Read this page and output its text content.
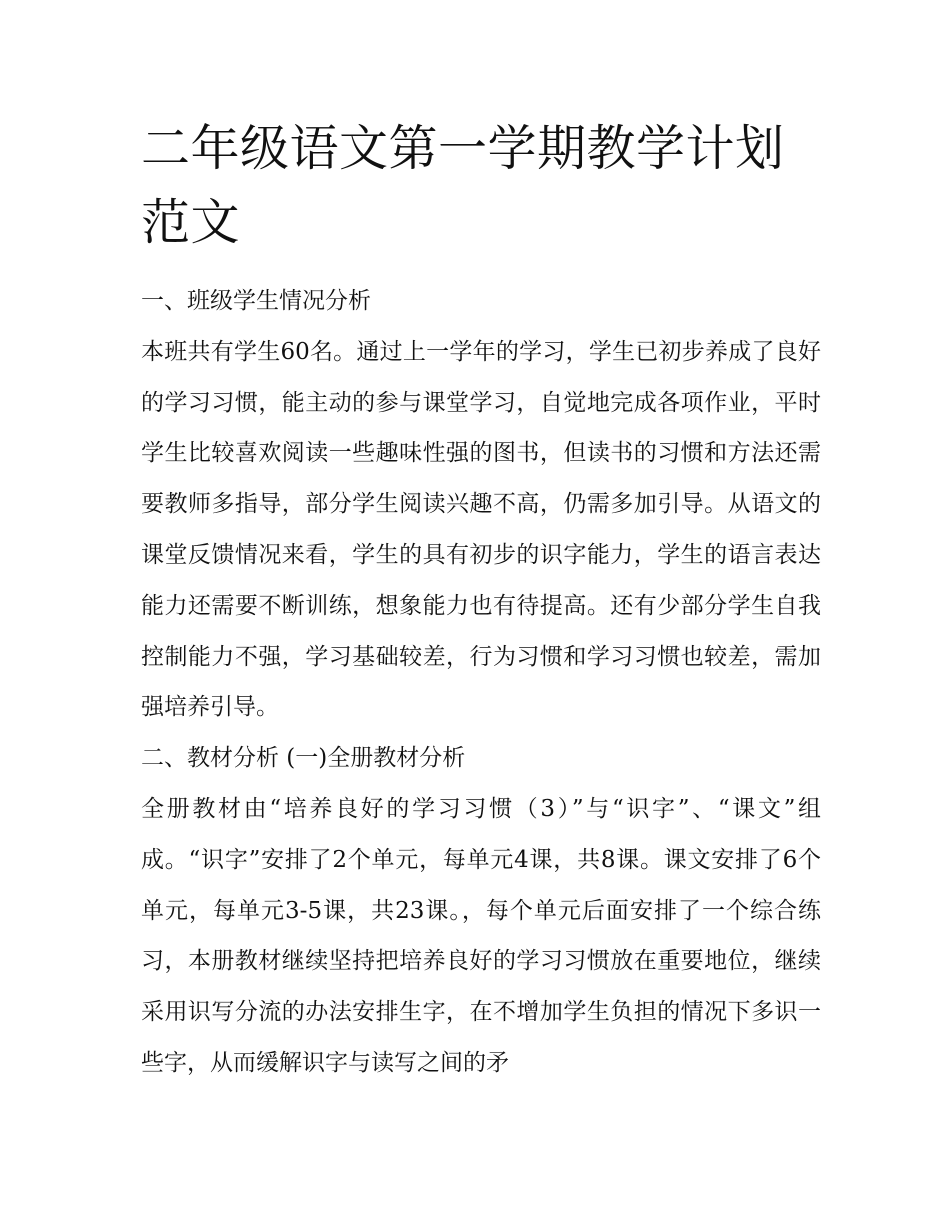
二年级语文第一学期教学计划范文
一、班级学生情况分析

本班共有学生60名。通过上一学年的学习，学生已初步养成了良好的学习习惯，能主动的参与课堂学习，自觉地完成各项作业，平时学生比较喜欢阅读一些趣味性强的图书，但读书的习惯和方法还需要教师多指导，部分学生阅读兴趣不高，仍需多加引导。从语文的课堂反馈情况来看，学生的具有初步的识字能力，学生的语言表达能力还需要不断训练，想象能力也有待提高。还有少部分学生自我控制能力不强，学习基础较差，行为习惯和学习习惯也较差，需加强培养引导。

二、教材分析 (一)全册教材分析

全册教材由“培养良好的学习习惯（3）”与“识字”、“课文”组成。“识字”安排了2个单元，每单元4课，共8课。课文安排了6个单元，每单元3-5课，共23课。，每个单元后面安排了一个综合练习，本册教材继续坚持把培养良好的学习习惯放在重要地位，继续采用识写分流的办法安排生字，在不增加学生负担的情况下多识一些字，从而缓解识字与读写之间的矛
